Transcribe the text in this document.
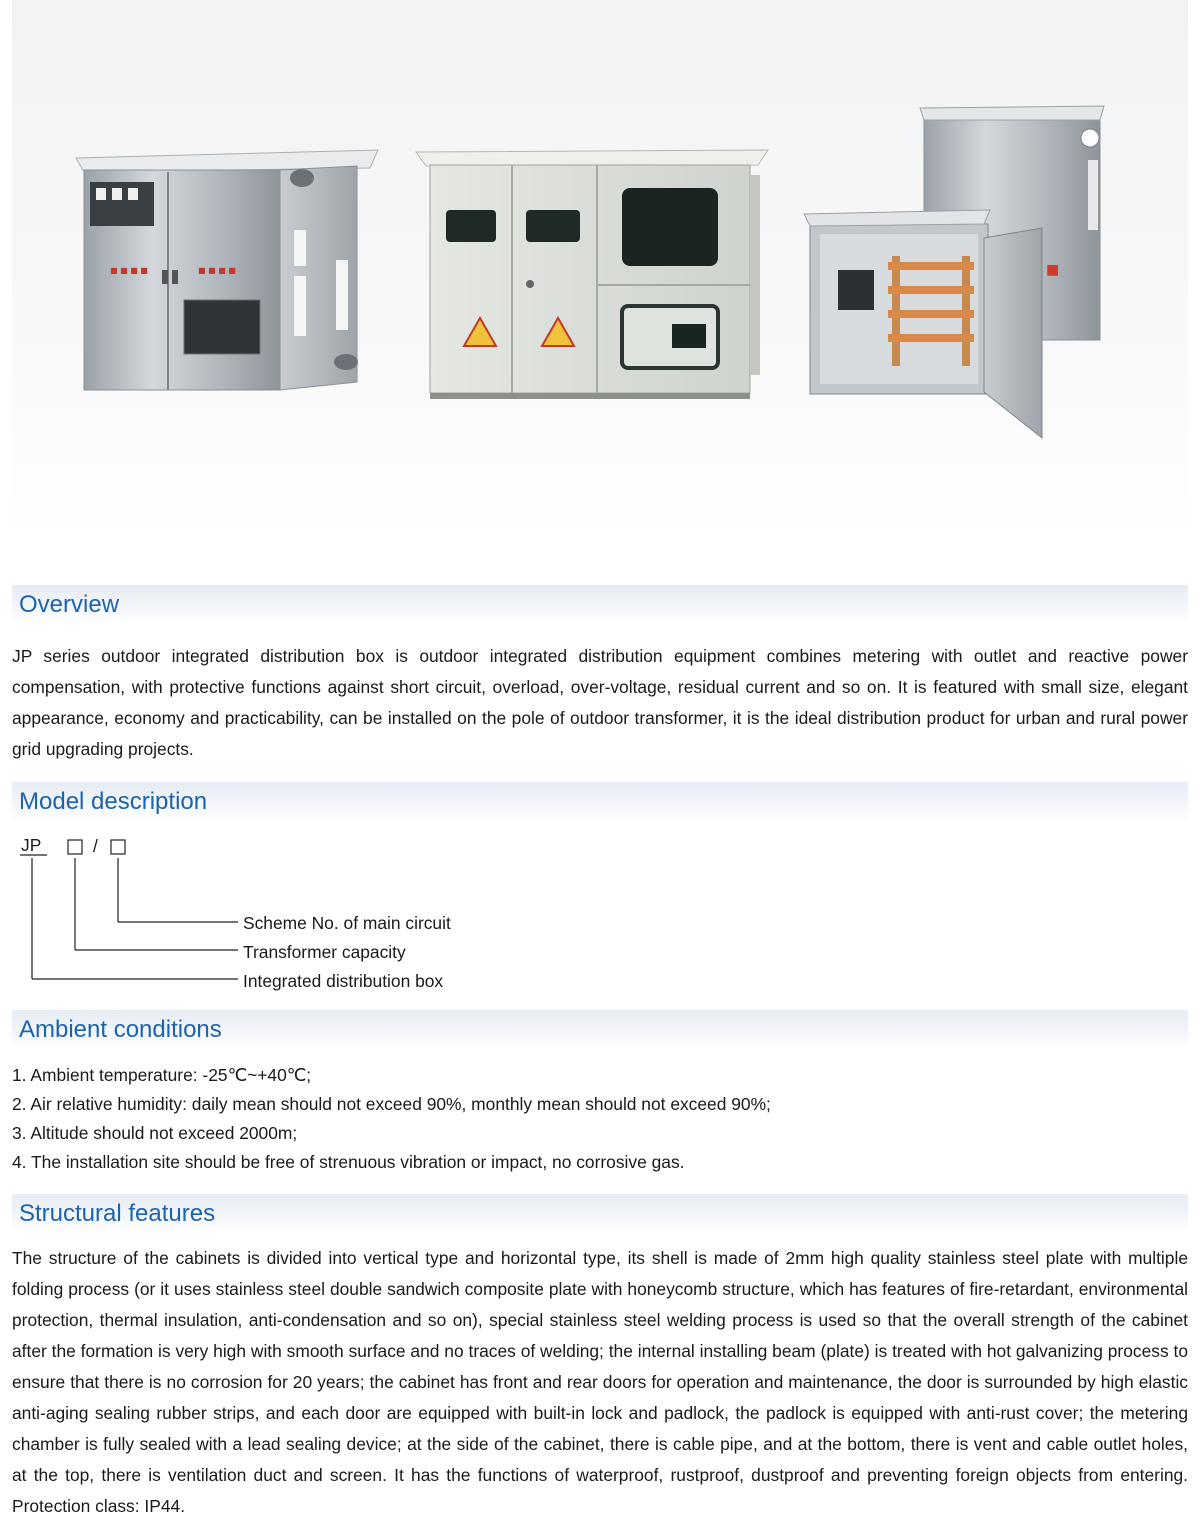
■ ■ ■ ■	■ ■ ■ ■	■
Overview

JP series outdoor integrated distribution box is outdoor integrated distribution equipment combines metering with outlet and reactive power compensation, with protective functions against short circuit, overload, over-voltage, residual current and so on. It is featured with small size, elegant appearance, economy and practicability, can be installed on the pole of outdoor transformer, it is the ideal distribution product for urban and rural power grid upgrading projects.

Model description
JP	/
Scheme No. of main circuit
Transformer capacity
Integrated distribution box
Ambient conditions
1. Ambient temperature: -25℃~+40℃;
2. Air relative humidity: daily mean should not exceed 90%, monthly mean should not exceed 90%;
3. Altitude should not exceed 2000m;
4. The installation site should be free of strenuous vibration or impact, no corrosive gas.
Structural features

The structure of the cabinets is divided into vertical type and horizontal type, its shell is made of 2mm high quality stainless steel plate with multiple folding process (or it uses stainless steel double sandwich composite plate with honeycomb structure, which has features of fire-retardant, environmental protection, thermal insulation, anti-condensation and so on), special stainless steel welding process is used so that the overall strength of the cabinet after the formation is very high with smooth surface and no traces of welding; the internal installing beam (plate) is treated with hot galvanizing process to ensure that there is no corrosion for 20 years; the cabinet has front and rear doors for operation and maintenance, the door is surrounded by high elastic anti-aging sealing rubber strips, and each door are equipped with built-in lock and padlock, the padlock is equipped with anti-rust cover; the metering chamber is fully sealed with a lead sealing device; at the side of the cabinet, there is cable pipe, and at the bottom, there is vent and cable outlet holes, at the top, there is ventilation duct and screen. It has the functions of waterproof, rustproof, dustproof and preventing foreign objects from entering. Protection class: IP44.
